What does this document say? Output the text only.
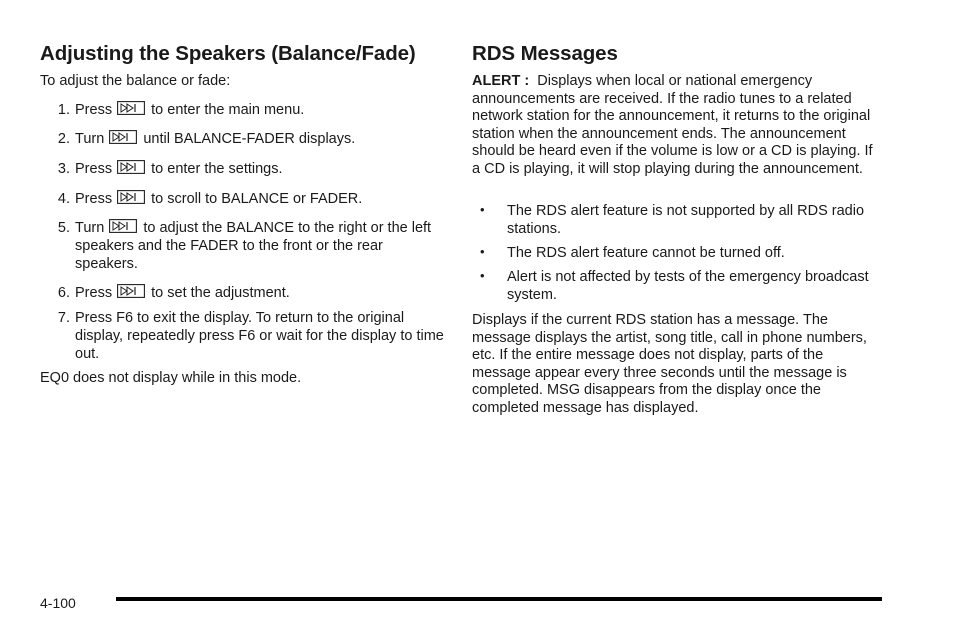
Adjusting the Speakers (Balance/Fade)
To adjust the balance or fade:
1. Press	to enter the main menu.
2. Turn	until BALANCE-FADER displays.
3. Press	to enter the settings.
4. Press	to scroll to BALANCE or FADER.
5. Turn	to adjust the BALANCE to the right or the left speakers and the FADER to the front or the rear speakers.
6. Press	to set the adjustment.
7. Press F6 to exit the display. To return to the original display, repeatedly press F6 or wait for the display to time out.
EQ0 does not display while in this mode.
RDS Messages
ALERT : Displays when local or national emergency announcements are received. If the radio tunes to a related network station for the announcement, it returns to the original station when the announcement ends. The announcement should be heard even if the volume is low or a CD is playing. If a CD is playing, it will stop playing during the announcement.
• The RDS alert feature is not supported by all RDS radio stations.
• The RDS alert feature cannot be turned off.
• Alert is not affected by tests of the emergency broadcast system.
Displays if the current RDS station has a message. The message displays the artist, song title, call in phone numbers, etc. If the entire message does not display, parts of the message appear every three seconds until the message is completed. MSG disappears from the display once the completed message has displayed.
4-100
